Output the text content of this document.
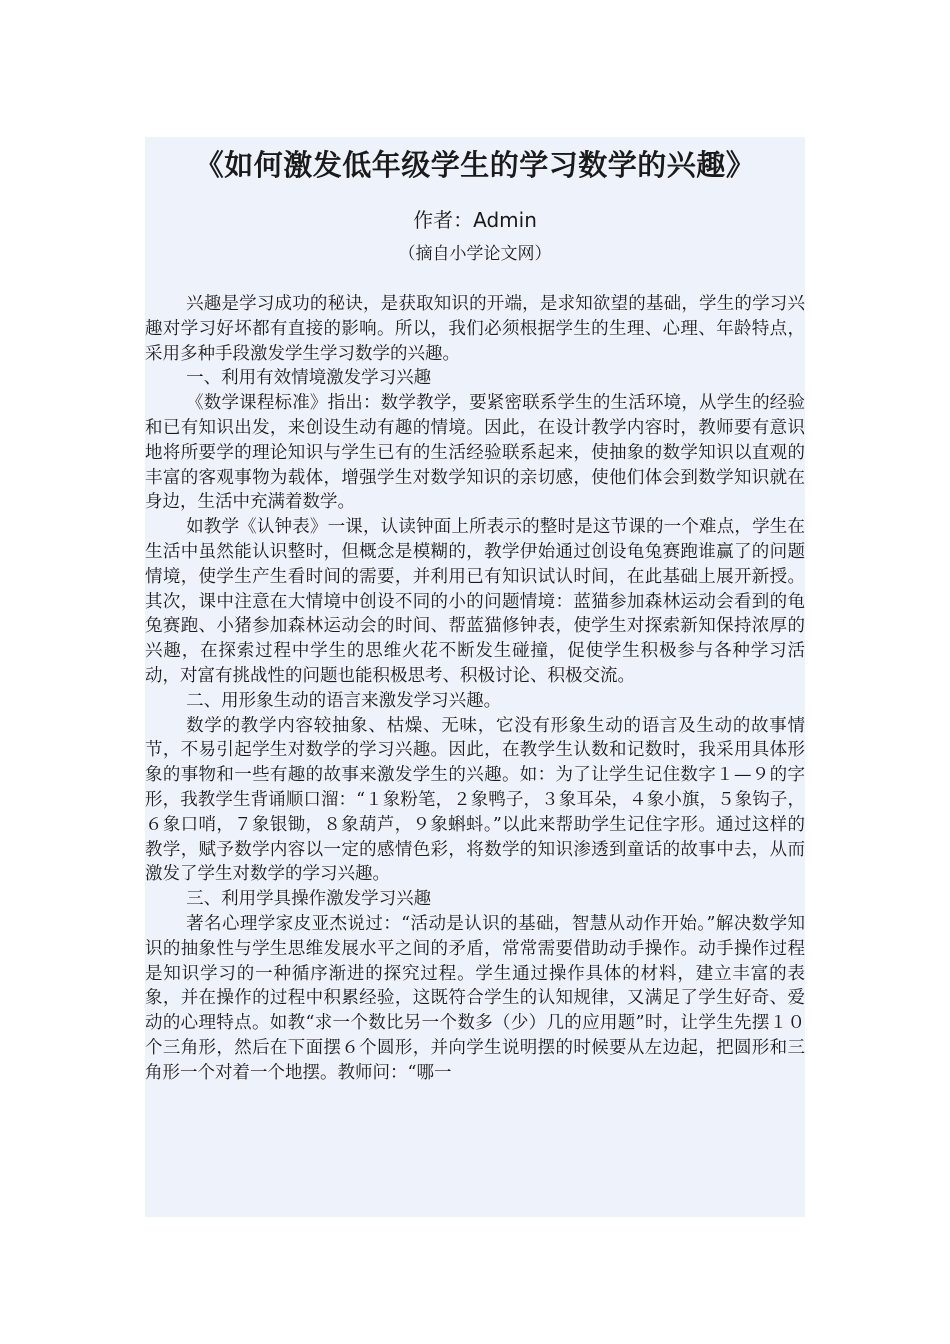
《如何激发低年级学生的学习数学的兴趣》
作者：Admin
（摘自小学论文网）

兴趣是学习成功的秘诀，是获取知识的开端，是求知欲望的基础，学生的学习兴趣对学习好坏都有直接的影响。所以，我们必须根据学生的生理、心理、年龄特点，采用多种手段激发学生学习数学的兴趣。

一、利用有效情境激发学习兴趣

《数学课程标准》指出：数学教学，要紧密联系学生的生活环境，从学生的经验和已有知识出发，来创设生动有趣的情境。因此，在设计教学内容时，教师要有意识地将所要学的理论知识与学生已有的生活经验联系起来，使抽象的数学知识以直观的丰富的客观事物为载体，增强学生对数学知识的亲切感，使他们体会到数学知识就在身边，生活中充满着数学。

如教学《认钟表》一课，认读钟面上所表示的整时是这节课的一个难点，学生在生活中虽然能认识整时，但概念是模糊的，教学伊始通过创设龟兔赛跑谁赢了的问题情境，使学生产生看时间的需要，并利用已有知识试认时间，在此基础上展开新授。其次，课中注意在大情境中创设不同的小的问题情境：蓝猫参加森林运动会看到的龟兔赛跑、小猪参加森林运动会的时间、帮蓝猫修钟表，使学生对探索新知保持浓厚的兴趣，在探索过程中学生的思维火花不断发生碰撞，促使学生积极参与各种学习活动，对富有挑战性的问题也能积极思考、积极讨论、积极交流。

二、用形象生动的语言来激发学习兴趣。

数学的教学内容较抽象、枯燥、无味，它没有形象生动的语言及生动的故事情节，不易引起学生对数学的学习兴趣。因此，在教学生认数和记数时，我采用具体形象的事物和一些有趣的故事来激发学生的兴趣。如：为了让学生记住数字１—９的字形，我教学生背诵顺口溜：“１象粉笔，２象鸭子，３象耳朵，４象小旗，５象钩子，６象口哨，７象银锄，８象葫芦，９象蝌蚪。”以此来帮助学生记住字形。通过这样的教学，赋予数学内容以一定的感情色彩，将数学的知识渗透到童话的故事中去，从而激发了学生对数学的学习兴趣。

三、利用学具操作激发学习兴趣

著名心理学家皮亚杰说过：“活动是认识的基础，智慧从动作开始。”解决数学知识的抽象性与学生思维发展水平之间的矛盾，常常需要借助动手操作。动手操作过程是知识学习的一种循序渐进的探究过程。学生通过操作具体的材料，建立丰富的表象，并在操作的过程中积累经验，这既符合学生的认知规律，又满足了学生好奇、爱动的心理特点。如教“求一个数比另一个数多（少）几的应用题”时，让学生先摆１０个三角形，然后在下面摆６个圆形，并向学生说明摆的时候要从左边起，把圆形和三角形一个对着一个地摆。教师问：“哪一
